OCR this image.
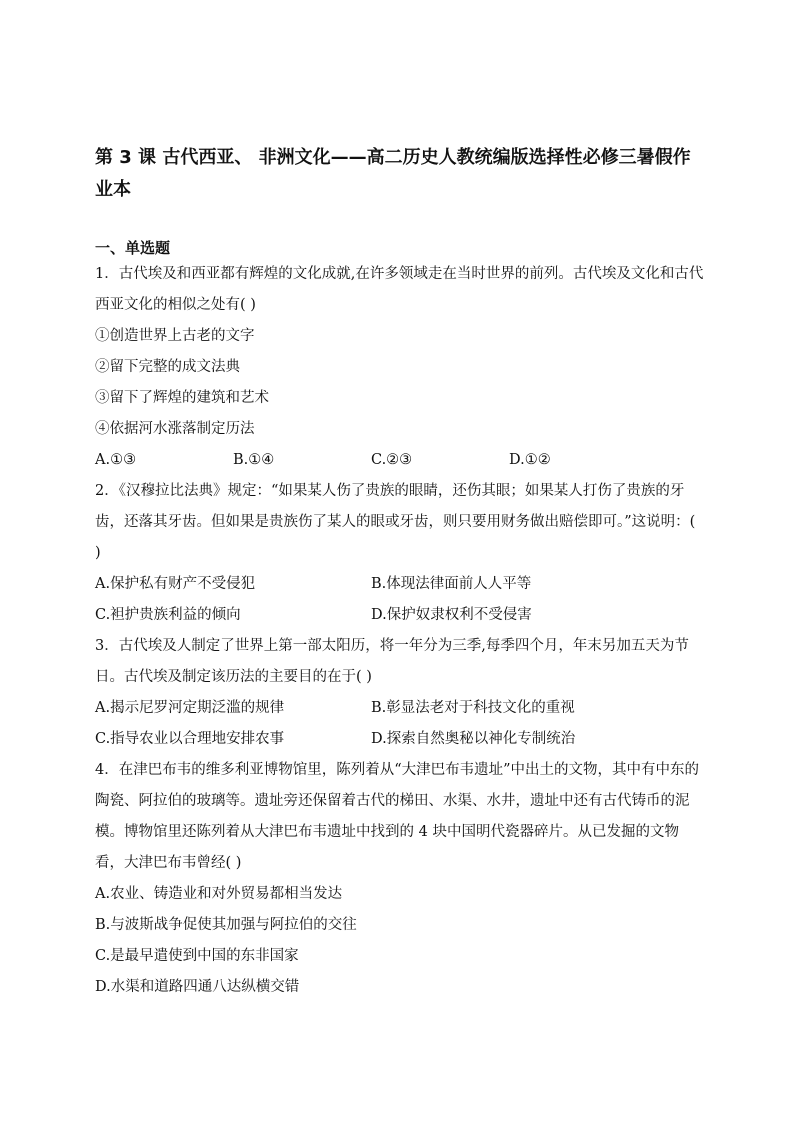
第 3 课 古代西亚、 非洲文化——高二历史人教统编版选择性必修三暑假作业本
一、单选题

1．古代埃及和西亚都有辉煌的文化成就,在许多领域走在当时世界的前列。古代埃及文化和古代西亚文化的相似之处有( )

①创造世界上古老的文字
②留下完整的成文法典
③留下了辉煌的建筑和艺术
④依据河水涨落制定历法
A.①③	B.①④	C.②③	D.①②

2．《汉穆拉比法典》规定：“如果某人伤了贵族的眼睛，还伤其眼；如果某人打伤了贵族的牙齿，还落其牙齿。但如果是贵族伤了某人的眼或牙齿，则只要用财务做出赔偿即可。”这说明：( )

A.保护私有财产不受侵犯	B.体现法律面前人人平等
C.袒护贵族利益的倾向	D.保护奴隶权利不受侵害

3．古代埃及人制定了世界上第一部太阳历，将一年分为三季,每季四个月，年末另加五天为节日。古代埃及制定该历法的主要目的在于( )

A.揭示尼罗河定期泛滥的规律	B.彰显法老对于科技文化的重视
C.指导农业以合理地安排农事	D.探索自然奥秘以神化专制统治

4．在津巴布韦的维多利亚博物馆里，陈列着从“大津巴布韦遗址”中出土的文物，其中有中东的陶瓷、阿拉伯的玻璃等。遗址旁还保留着古代的梯田、水渠、水井，遗址中还有古代铸币的泥模。博物馆里还陈列着从大津巴布韦遗址中找到的 4 块中国明代瓷器碎片。从已发掘的文物看，大津巴布韦曾经( )

A.农业、铸造业和对外贸易都相当发达
B.与波斯战争促使其加强与阿拉伯的交往
C.是最早遣使到中国的东非国家
D.水渠和道路四通八达纵横交错
